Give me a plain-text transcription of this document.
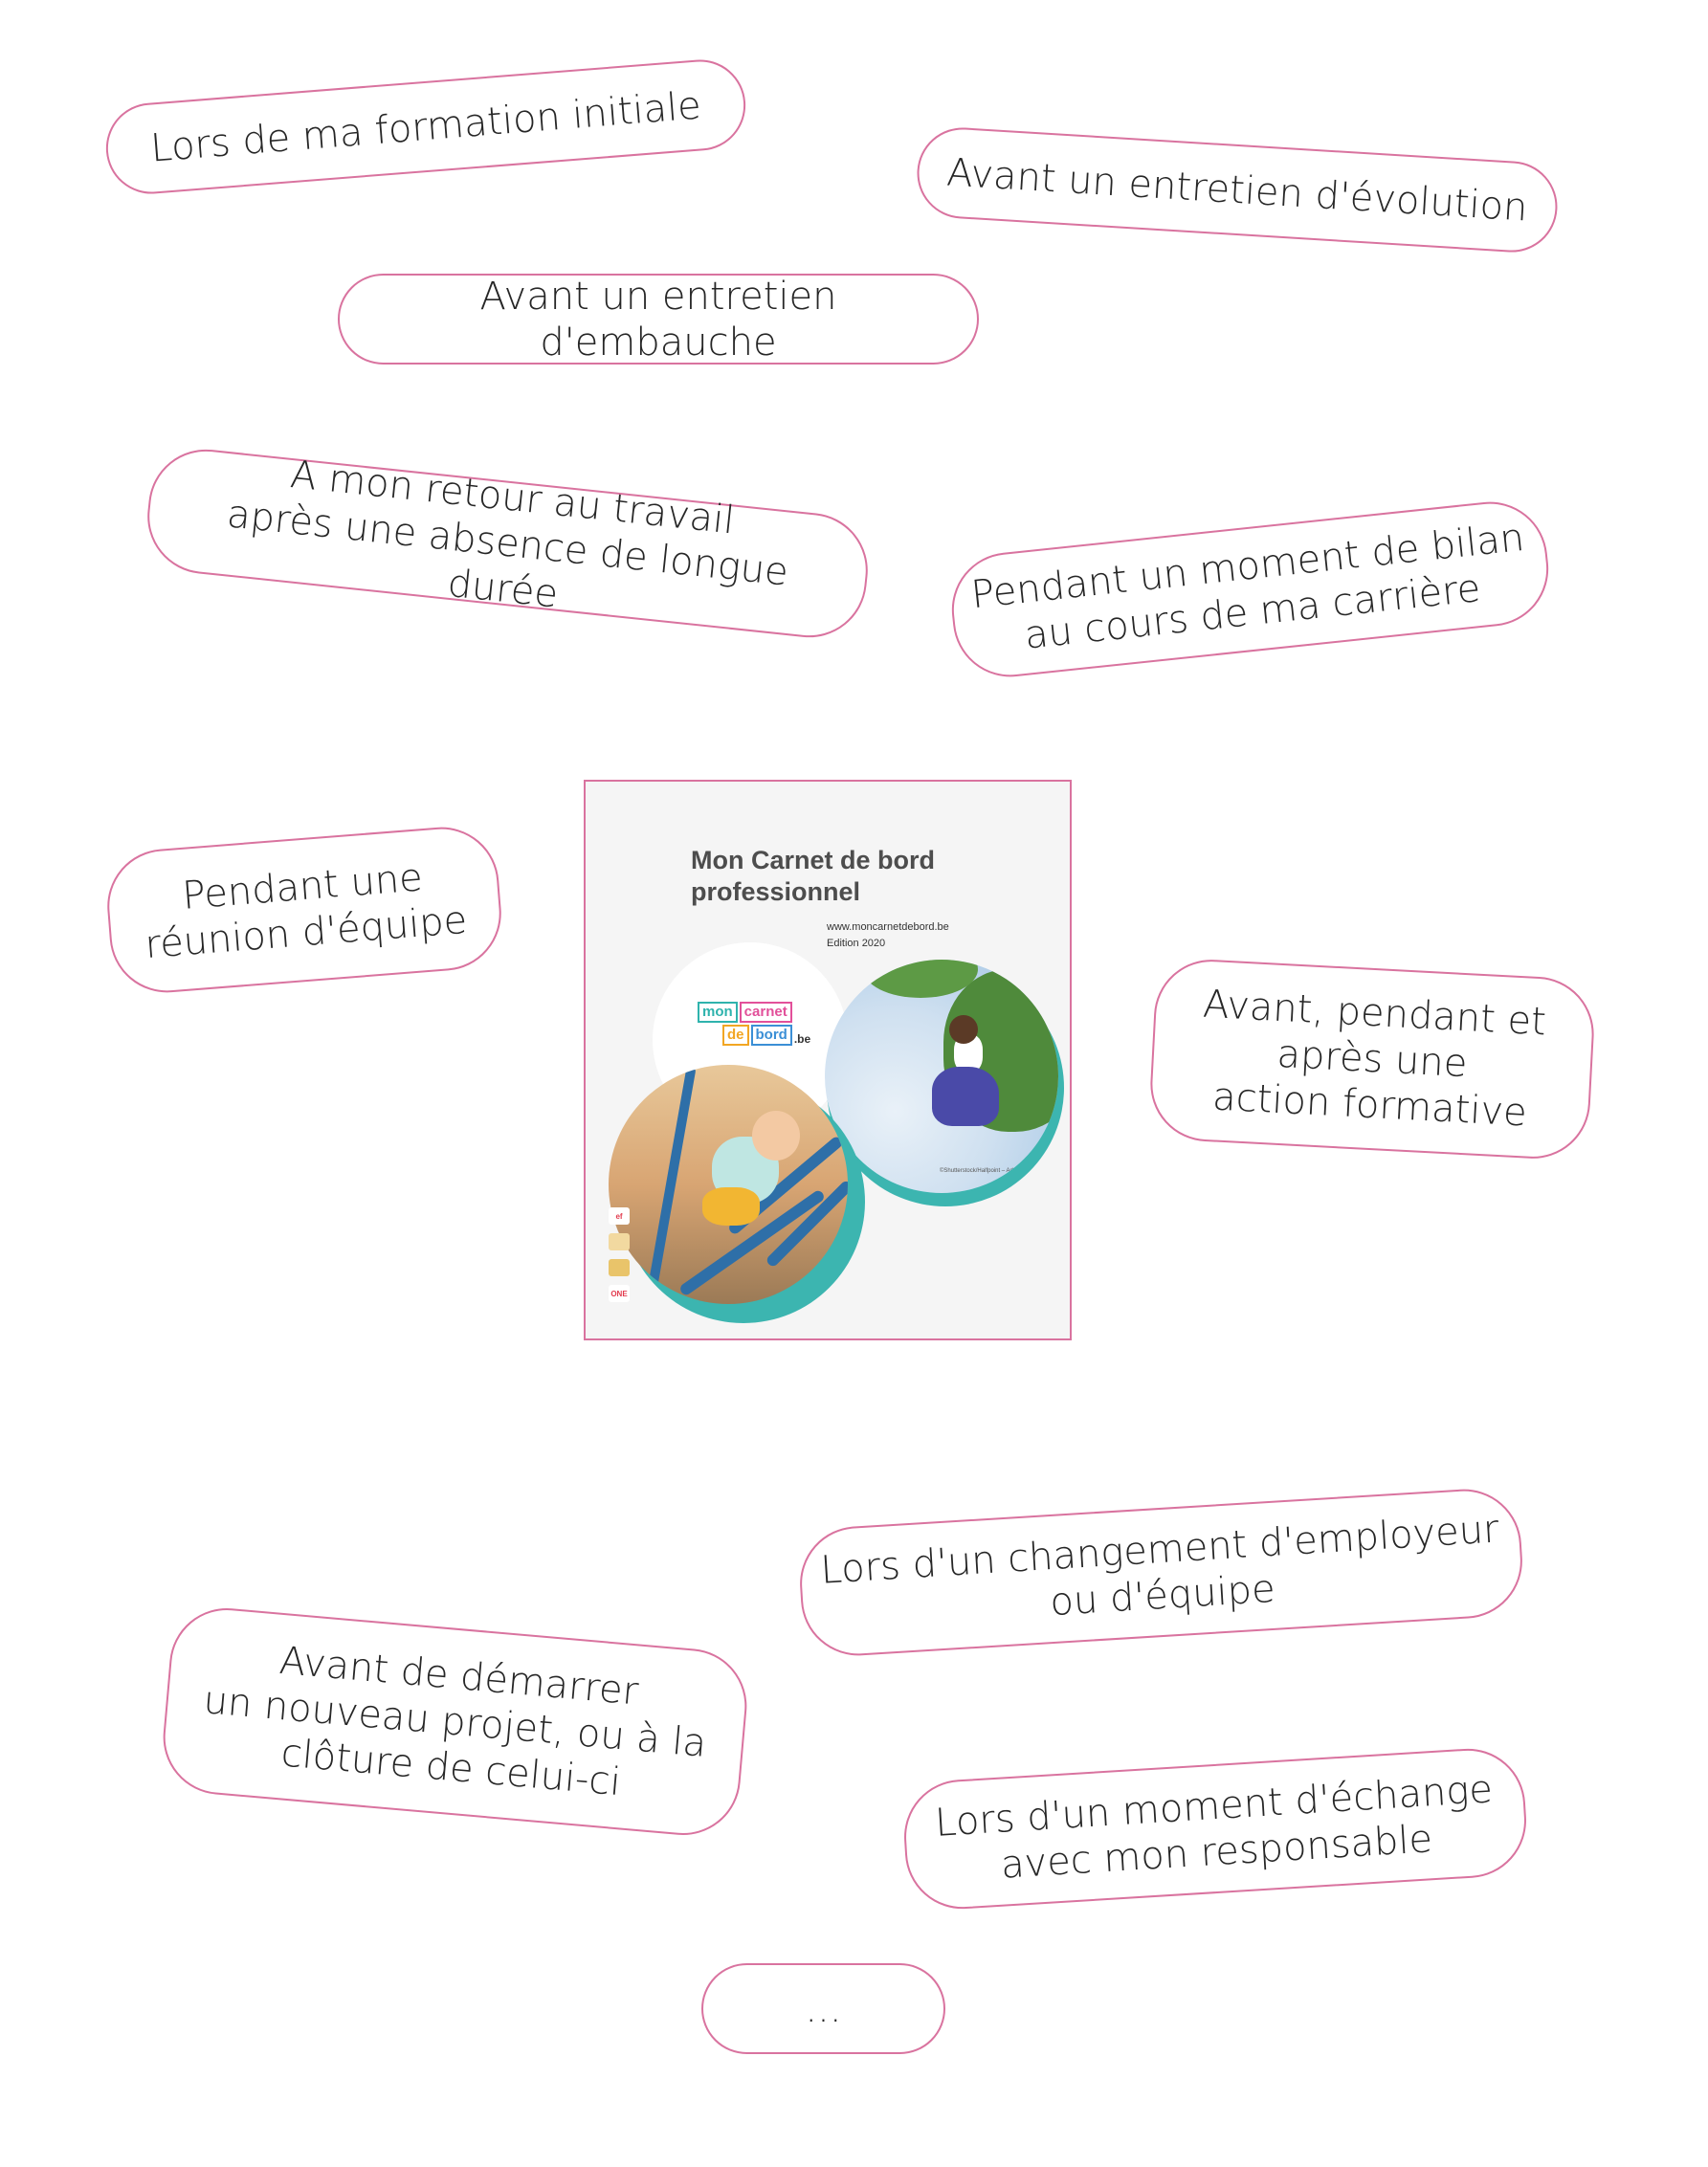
Lors de ma formation initiale
Avant un entretien d'évolution
Avant un entretien d'embauche
A mon retour au travail
après une absence de longue durée	Pendant un moment de bilan
au cours de ma carrière
Pendant une
réunion d'équipe
Avant, pendant et
après une
action formative
Lors d'un changement d'employeur
ou d'équipe
Avant de démarrer
un nouveau projet, ou à la
clôture de celui-ci	Lors d'un moment d'échange
avec mon responsable
...
Mon Carnet de bord
professionnel
www.moncarnetdebord.be
Edition 2020
mon carnet
de bord .be
©Shutterstock/Halfpoint – Adrian Link
ef
ONE
